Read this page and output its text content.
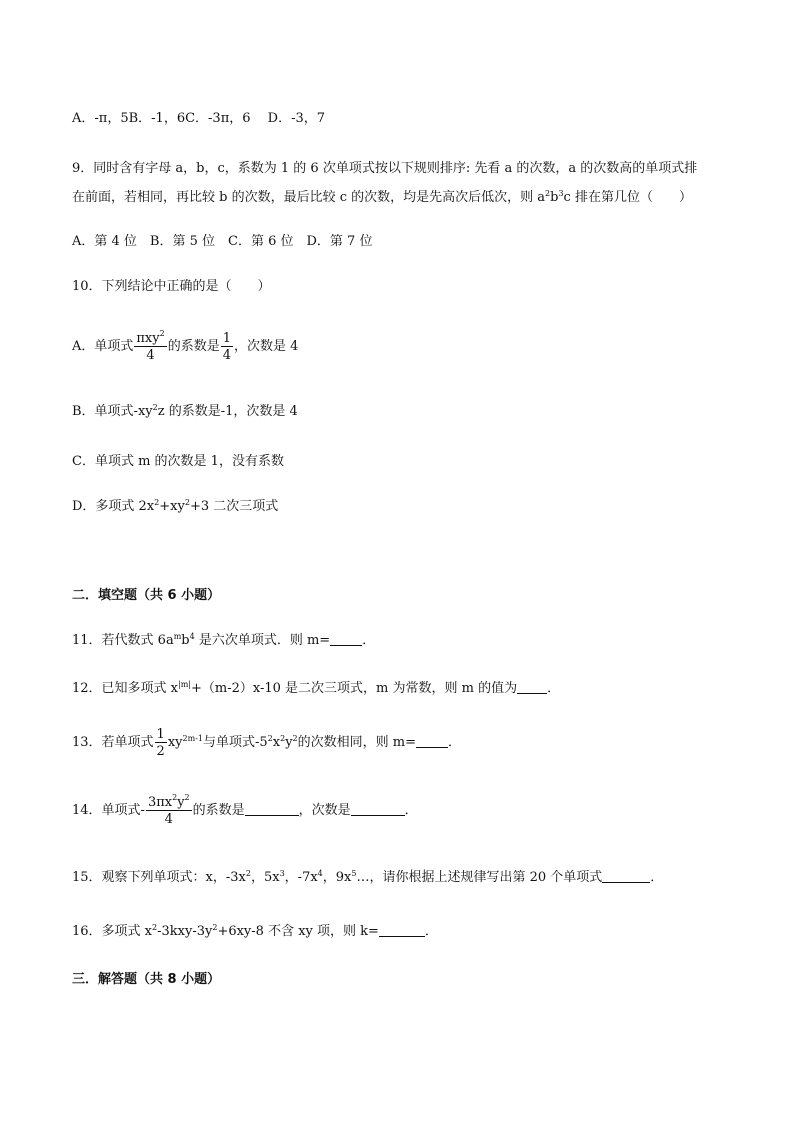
A．-π，5B．-1，6C．-3π，6　 D．-3，7
9．同时含有字母 a，b，c，系数为 1 的 6 次单项式按以下规则排序: 先看 a 的次数，a 的次数高的单项式排
在前面，若相同，再比较 b 的次数，最后比较 c 的次数，均是先高次后低次，则 $a^2b^3c$ 排在第几位（　　）
A．第 4 位　B．第 5 位　C．第 6 位　D．第 7 位
10．下列结论中正确的是（　　）
A．单项式 $\frac{\pi xy^2}{4}$ 的系数是 $\frac{1}{4}$ ，次数是 4
B．单项式$-xy^2z$ 的系数是-1，次数是 4
C．单项式 m 的次数是 1，没有系数
D．多项式 $2x^2+xy^2+3$ 二次三项式
二．填空题（共 6 小题）
11．若代数式 $6a^mb^4$ 是六次单项式．则 m= ．
12．已知多项式 $x^{|m|}+(m-2)x-10$ 是二次三项式，m 为常数，则 m 的值为 ．
13．若单项式 $\frac{1}{2} xy^{2m-1}$与单项式$-5^2x^2y^2$的次数相同，则 m= ．
14．单项式- $\frac{3\pi x^2y^2}{4}$ 的系数是	，次数是	．
15．观察下列单项式：x，$-3x^2$，$5x^3$，$-7x^4$，$9x^5\dots$，请你根据上述规律写出第 20 个单项式	．
16．多项式 $x^2-3kxy-3y^2+6xy-8$ 不含 xy 项，则 k=	．
三．解答题（共 8 小题）
